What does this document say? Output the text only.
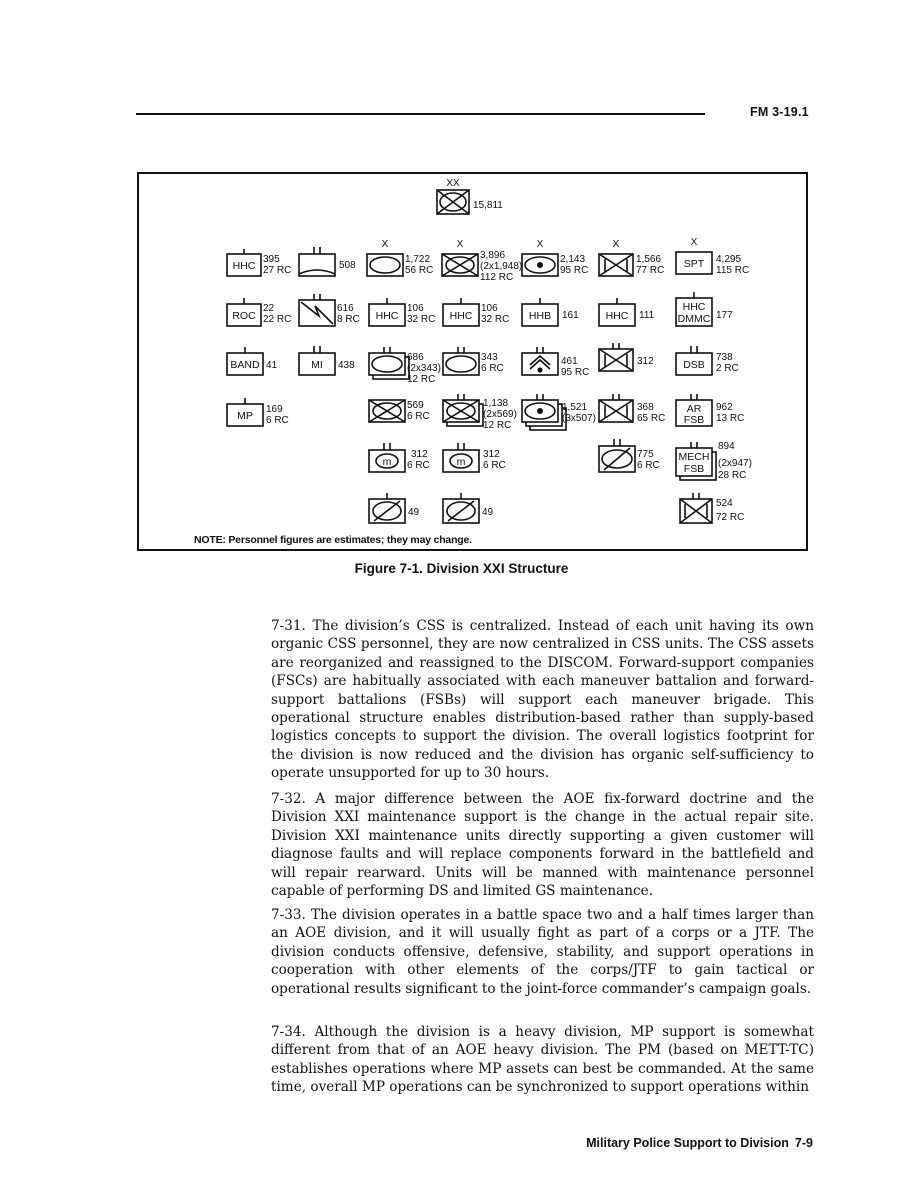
FM 3-19.1
XX
X	X	X	X	X
HHC	SPT
ROC	HHC	HHC	HHB	HHC
HHC
DMMC
BAND	MI	DSB
MP
AR
FSB
m	m	MECH
FSB
15,811
395
27 RC	508
1,722
56 RC
3,896
(2x1,948)
112 RC
2,143
95 RC
1,566
77 RC
4,295
115 RC
22
22 RC
616
8 RC
106
32 RC
106
32 RC	161	111	177
41	438
686
(2x343)
12 RC
343
6 RC
461
95 RC
312	738
2 RC
169
6 RC
569
6 RC
1,138
(2x569)
12 RC
1,521
(3x507)
368
65 RC
962
13 RC
312
6 RC
312
6 RC
775
6 RC
894
(2x947)
28 RC
49	49
524
72 RC
NOTE: Personnel figures are estimates; they may change.
Figure 7-1. Division XXI Structure

7-31. The division’s CSS is centralized. Instead of each unit having its own organic CSS personnel, they are now centralized in CSS units. The CSS assets are reorganized and reassigned to the DISCOM. Forward-support companies (FSCs) are habitually associated with each maneuver battalion and forward-support battalions (FSBs) will support each maneuver brigade. This operational structure enables distribution-based rather than supply-based logistics concepts to support the division. The overall logistics footprint for the division is now reduced and the division has organic self-sufficiency to operate unsupported for up to 30 hours.

7-32. A major difference between the AOE fix-forward doctrine and the Division XXI maintenance support is the change in the actual repair site. Division XXI maintenance units directly supporting a given customer will diagnose faults and will replace components forward in the battlefield and will repair rearward. Units will be manned with maintenance personnel capable of performing DS and limited GS maintenance.

7-33. The division operates in a battle space two and a half times larger than an AOE division, and it will usually fight as part of a corps or a JTF. The division conducts offensive, defensive, stability, and support operations in cooperation with other elements of the corps/JTF to gain tactical or operational results significant to the joint-force commander’s campaign goals.

7-34. Although the division is a heavy division, MP support is somewhat different from that of an AOE heavy division. The PM (based on METT-TC) establishes operations where MP assets can best be commanded. At the same time, overall MP operations can be synchronized to support operations within

Military Police Support to Division 7-9
